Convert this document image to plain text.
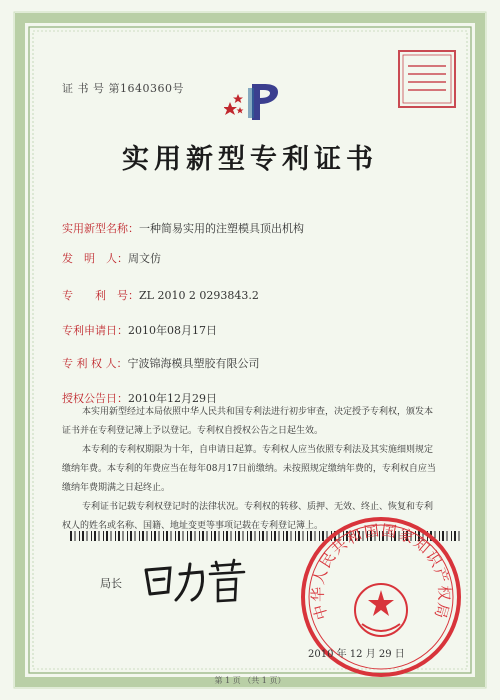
证 书 号 第1640360号
实用新型专利证书
实用新型名称：一种简易实用的注塑模具顶出机构
发　明　人：周文仿
专　　利　号：ZL 2010 2 0293843.2
专利申请日：2010年08月17日
专 利 权 人：宁波锦海模具塑胶有限公司
授权公告日：2010年12月29日

本实用新型经过本局依照中华人民共和国专利法进行初步审查，决定授予专利权，颁发本证书并在专利登记簿上予以登记。专利权自授权公告之日起生效。

本专利的专利权期限为十年，自申请日起算。专利权人应当依照专利法及其实施细则规定缴纳年费。本专利的年费应当在每年08月17日前缴纳。未按照规定缴纳年费的，专利权自应当缴纳年费期满之日起终止。

专利证书记载专利权登记时的法律状况。专利权的转移、质押、无效、终止、恢复和专利权人的姓名或名称、国籍、地址变更等事项记载在专利登记簿上。

局长
中华人民共和国国家知识产权局
2010 年 12 月 29 日
第 1 页 （共 1 页）
